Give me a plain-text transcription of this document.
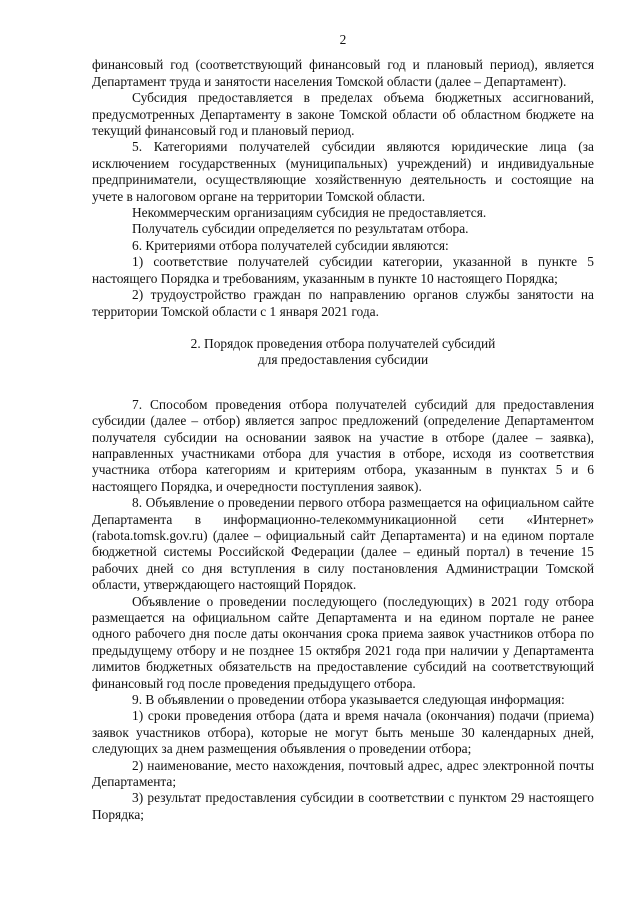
2

финансовый год (соответствующий финансовый год и плановый период), является Департамент труда и занятости населения Томской области (далее – Департамент).

Субсидия предоставляется в пределах объема бюджетных ассигнований, предусмотренных Департаменту в законе Томской области об областном бюджете на текущий финансовый год и плановый период.

5. Категориями получателей субсидии являются юридические лица (за исключением государственных (муниципальных) учреждений) и индивидуальные предприниматели, осуществляющие хозяйственную деятельность и состоящие на учете в налоговом органе на территории Томской области.

Некоммерческим организациям субсидия не предоставляется.

Получатель субсидии определяется по результатам отбора.

6. Критериями отбора получателей субсидии являются:

1) соответствие получателей субсидии категории, указанной в пункте 5 настоящего Порядка и требованиям, указанным в пункте 10 настоящего Порядка;

2) трудоустройство граждан по направлению органов службы занятости на территории Томской области с 1 января 2021 года.

2. Порядок проведения отбора получателей субсидий
для предоставления субсидии

7. Способом проведения отбора получателей субсидий для предоставления субсидии (далее – отбор) является запрос предложений (определение Департаментом получателя субсидии на основании заявок на участие в отборе (далее – заявка), направленных участниками отбора для участия в отборе, исходя из соответствия участника отбора категориям и критериям отбора, указанным в пунктах 5 и 6 настоящего Порядка, и очередности поступления заявок).

8. Объявление о проведении первого отбора размещается на официальном сайте Департамента в информационно-телекоммуникационной сети «Интернет» (rabota.tomsk.gov.ru) (далее – официальный сайт Департамента) и на едином портале бюджетной системы Российской Федерации (далее – единый портал) в течение 15 рабочих дней со дня вступления в силу постановления Администрации Томской области, утверждающего настоящий Порядок.

Объявление о проведении последующего (последующих) в 2021 году отбора размещается на официальном сайте Департамента и на едином портале не ранее одного рабочего дня после даты окончания срока приема заявок участников отбора по предыдущему отбору и не позднее 15 октября 2021 года при наличии у Департамента лимитов бюджетных обязательств на предоставление субсидий на соответствующий финансовый год после проведения предыдущего отбора.

9. В объявлении о проведении отбора указывается следующая информация:

1) сроки проведения отбора (дата и время начала (окончания) подачи (приема) заявок участников отбора), которые не могут быть меньше 30 календарных дней, следующих за днем размещения объявления о проведении отбора;

2) наименование, место нахождения, почтовый адрес, адрес электронной почты Департамента;

3) результат предоставления субсидии в соответствии с пунктом 29 настоящего Порядка;
